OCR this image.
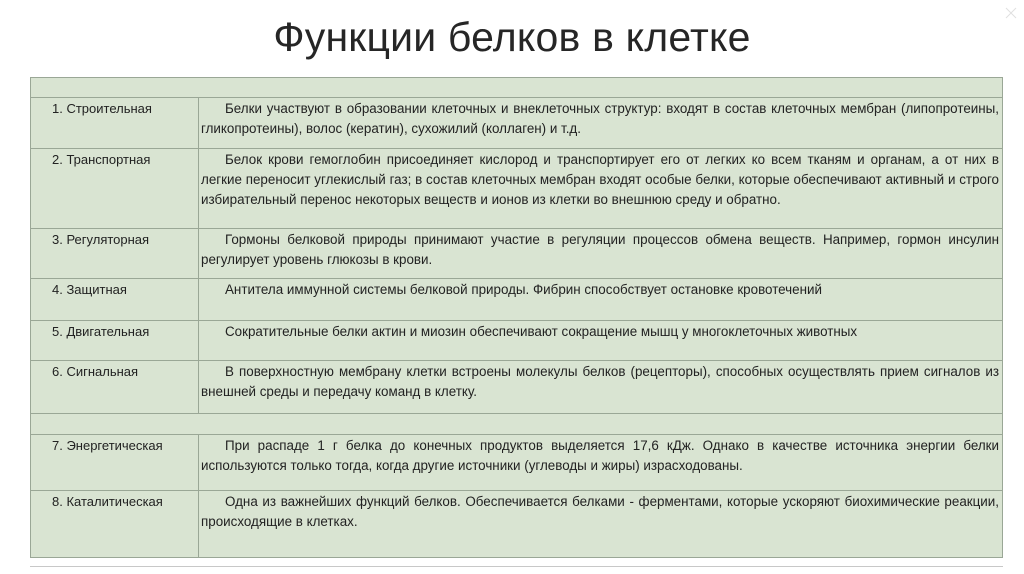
Функции белков в клетке
1. Строительная	Белки участвуют в образовании клеточных и внеклеточных структур: входят в состав клеточных мембран (липопротеины, гликопротеины), волос (кератин), сухожилий (коллаген) и т.д.
2. Транспортная	Белок крови гемоглобин присоединяет кислород и транспортирует его от легких ко всем тканям и органам, а от них в легкие переносит углекислый газ; в состав клеточных мембран входят особые белки, которые обеспечивают активный и строго избирательный перенос некоторых веществ и ионов из клетки во внешнюю среду и обратно.
3. Регуляторная	Гормоны белковой природы принимают участие в регуляции процессов обмена веществ. Например, гормон инсулин регулирует уровень глюкозы в крови.
4. Защитная	Антитела иммунной системы белковой природы. Фибрин способствует остановке кровотечений
5. Двигательная	Сократительные белки актин и миозин обеспечивают сокращение мышц у многоклеточных животных
6. Сигнальная	В поверхностную мембрану клетки встроены молекулы белков (рецепторы), способных осуществлять прием сигналов из внешней среды и передачу команд в клетку.
7. Энергетическая	При распаде 1 г белка до конечных продуктов выделяется 17,6 кДж. Однако в качестве источника энергии белки используются только тогда, когда другие источники (углеводы и жиры) израсходованы.
8. Каталитическая	Одна из важнейших функций белков. Обеспечивается белками - ферментами, которые ускоряют биохимические реакции, происходящие в клетках.
